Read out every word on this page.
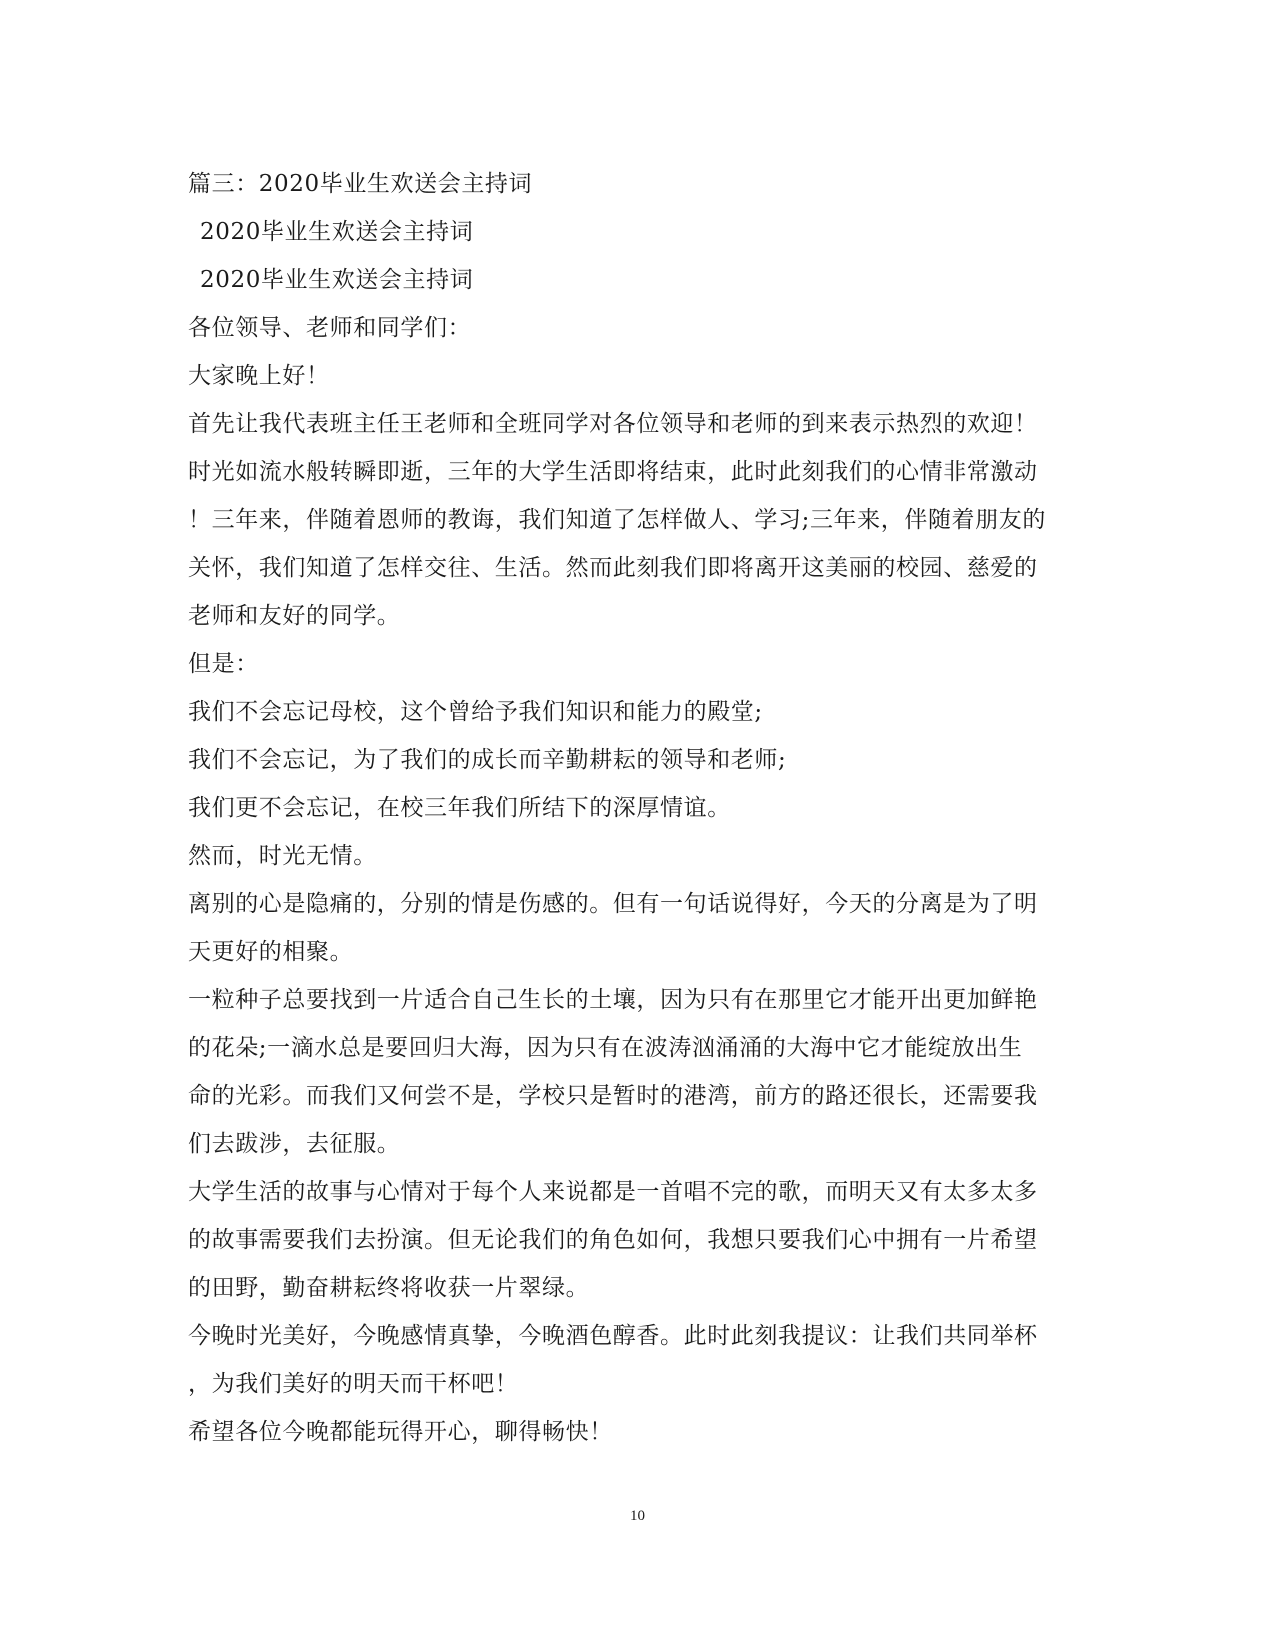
篇三：2020毕业生欢送会主持词
2020毕业生欢送会主持词
2020毕业生欢送会主持词
各位领导、老师和同学们：
大家晚上好！
首先让我代表班主任王老师和全班同学对各位领导和老师的到来表示热烈的欢迎！
时光如流水般转瞬即逝，三年的大学生活即将结束，此时此刻我们的心情非常激动
！三年来，伴随着恩师的教诲，我们知道了怎样做人、学习;三年来，伴随着朋友的
关怀，我们知道了怎样交往、生活。然而此刻我们即将离开这美丽的校园、慈爱的
老师和友好的同学。
但是：
我们不会忘记母校，这个曾给予我们知识和能力的殿堂;
我们不会忘记，为了我们的成长而辛勤耕耘的领导和老师;
我们更不会忘记，在校三年我们所结下的深厚情谊。
然而，时光无情。
离别的心是隐痛的，分别的情是伤感的。但有一句话说得好，今天的分离是为了明
天更好的相聚。
一粒种子总要找到一片适合自己生长的土壤，因为只有在那里它才能开出更加鲜艳
的花朵;一滴水总是要回归大海，因为只有在波涛汹涌涌的大海中它才能绽放出生
命的光彩。而我们又何尝不是，学校只是暂时的港湾，前方的路还很长，还需要我
们去跋涉，去征服。
大学生活的故事与心情对于每个人来说都是一首唱不完的歌，而明天又有太多太多
的故事需要我们去扮演。但无论我们的角色如何，我想只要我们心中拥有一片希望
的田野，勤奋耕耘终将收获一片翠绿。
今晚时光美好，今晚感情真挚，今晚酒色醇香。此时此刻我提议：让我们共同举杯
，为我们美好的明天而干杯吧！
希望各位今晚都能玩得开心，聊得畅快！
10
